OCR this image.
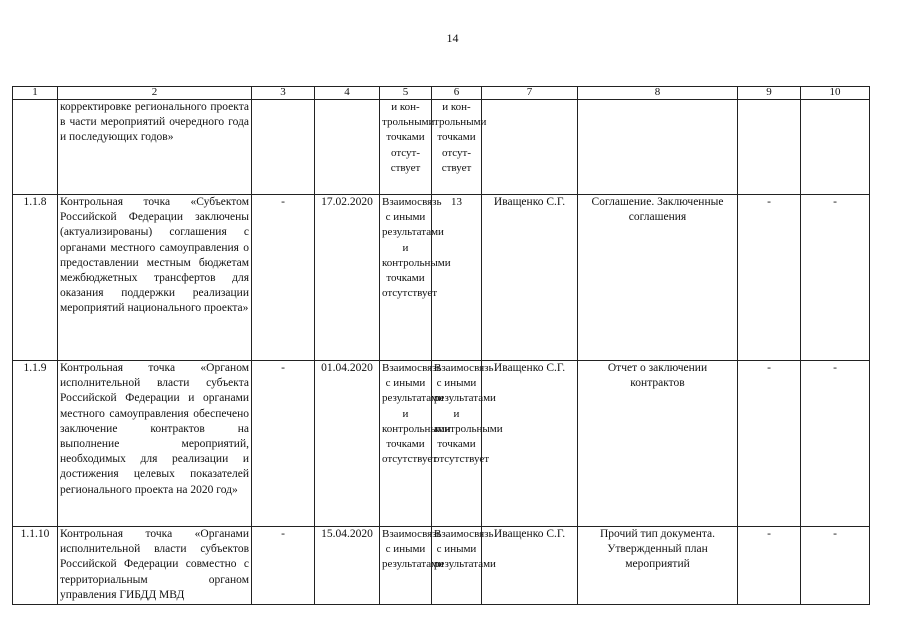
14
1	2	3	4	5	6	7	8	9	10
	корректировке регионального проекта в части мероприятий очередного года и последующих годов»			и кон-трольными точками отсут-ствует	и кон-трольными точками отсут-ствует				
1.1.8	Контрольная точка «Субъектом Российской Федерации заключены (актуализированы) соглашения с органами местного самоуправления о предоставлении местным бюджетам межбюджетных трансфертов для оказания поддержки реализации мероприятий национального проекта»	-	17.02.2020	Взаимосвязь с иными результатами и контрольными точками отсутствует	13	Иващенко С.Г.	Соглашение. Заключенные соглашения	-	-
1.1.9	Контрольная точка «Органом исполнительной власти субъекта Российской Федерации и органами местного самоуправления обеспечено заключение контрактов на выполнение мероприятий, необходимых для реализации и достижения целевых показателей регионального проекта на 2020 год»	-	01.04.2020	Взаимосвязь с иными результатами и контрольными точками отсутствует	Взаимосвязь с иными результатами и контрольными точками отсутствует	Иващенко С.Г.	Отчет о заключении контрактов	-	-
1.1.10	Контрольная точка «Органами исполнительной власти субъектов Российской Федерации совместно с территориальным органом управления ГИБДД МВД	-	15.04.2020	Взаимосвязь с иными результатами	Взаимосвязь с иными результатами	Иващенко С.Г.	Прочий тип документа. Утвержденный план мероприятий	-	-
